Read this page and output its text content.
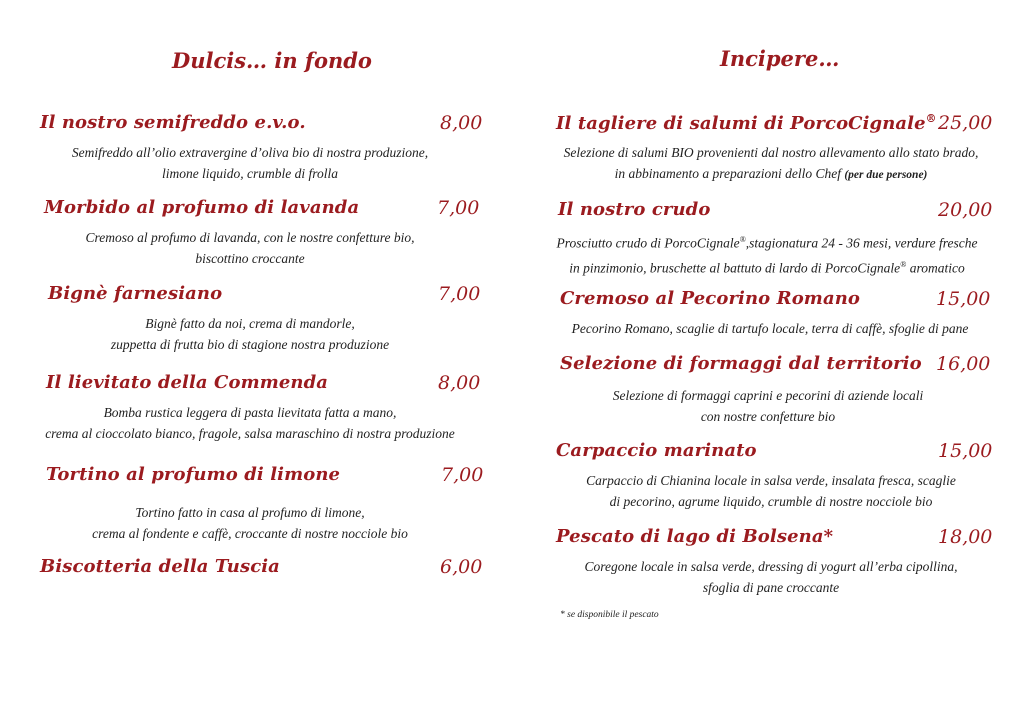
Dulcis… in fondo
Il nostro semifreddo e.v.o.	8,00
Semifreddo all’olio extravergine d’oliva bio di nostra produzione,
limone liquido, crumble di frolla
Morbido al profumo di lavanda	7,00
Cremoso al profumo di lavanda, con le nostre confetture bio,
biscottino croccante
Bignè farnesiano	7,00
Bignè fatto da noi, crema di mandorle,
zuppetta di frutta bio di stagione nostra produzione
Il lievitato della Commenda	8,00
Bomba rustica leggera di pasta lievitata fatta a mano,
crema al cioccolato bianco, fragole, salsa maraschino di nostra produzione
Tortino al profumo di limone	7,00
Tortino fatto in casa al profumo di limone,
crema al fondente e caffè, croccante di nostre nocciole bio
Biscotteria della Tuscia	6,00
Incipere…
Il tagliere di salumi di PorcoCignale® 25,00
Selezione di salumi BIO provenienti dal nostro allevamento allo stato brado,
in abbinamento a preparazioni dello Chef (per due persone)
Il nostro crudo	20,00
Prosciutto crudo di PorcoCignale®,stagionatura 24 - 36 mesi, verdure fresche
in pinzimonio, bruschette al battuto di lardo di PorcoCignale® aromatico
Cremoso al Pecorino Romano	15,00
Pecorino Romano, scaglie di tartufo locale, terra di caffè, sfoglie di pane
Selezione di formaggi dal territorio 16,00
Selezione di formaggi caprini e pecorini di aziende locali
con nostre confetture bio
Carpaccio marinato	15,00
Carpaccio di Chianina locale in salsa verde, insalata fresca, scaglie
di pecorino, agrume liquido, crumble di nostre nocciole bio
Pescato di lago di Bolsena*	18,00
Coregone locale in salsa verde, dressing di yogurt all’erba cipollina,
sfoglia di pane croccante
* se disponibile il pescato
